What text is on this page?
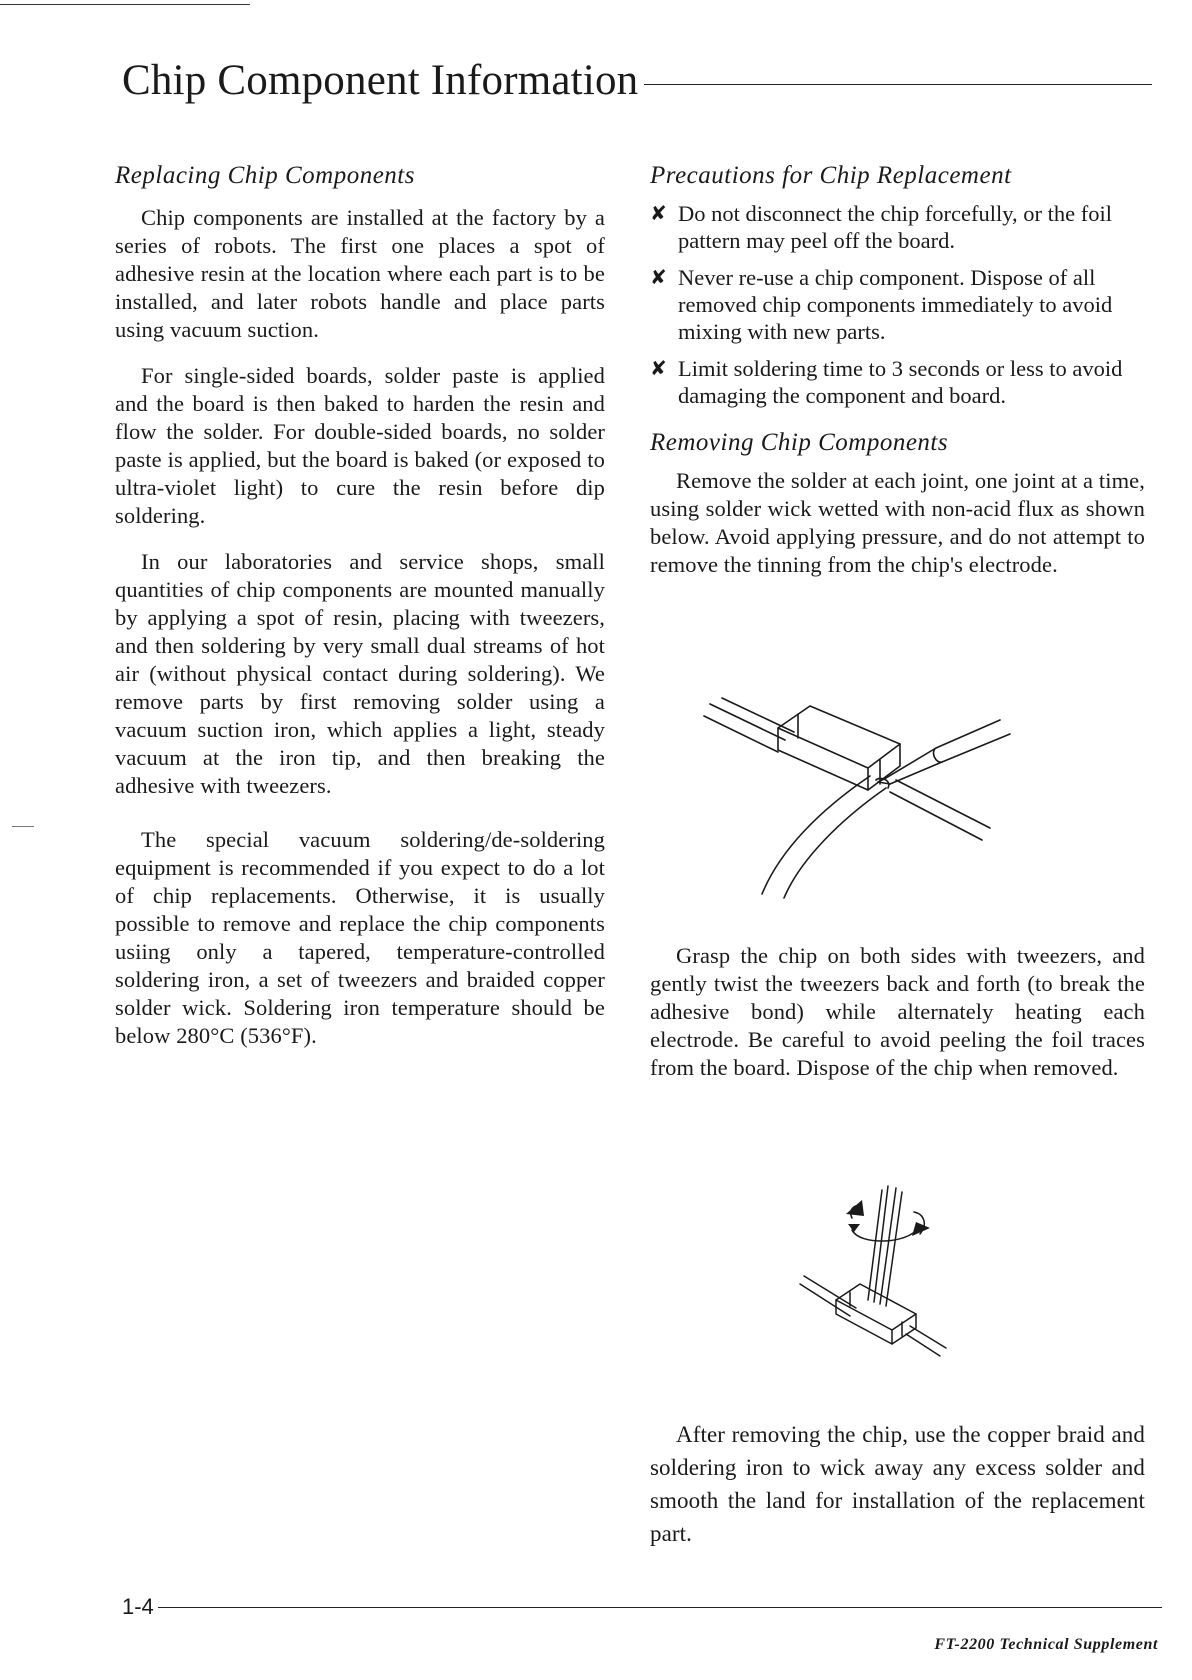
Chip Component Information
Replacing Chip Components

Chip components are installed at the factory by a series of robots. The first one places a spot of adhesive resin at the location where each part is to be installed, and later robots handle and place parts using vacuum suction.

For single-sided boards, solder paste is applied and the board is then baked to harden the resin and flow the solder. For double-sided boards, no solder paste is applied, but the board is baked (or exposed to ultra-violet light) to cure the resin before dip soldering.

In our laboratories and service shops, small quantities of chip components are mounted manually by applying a spot of resin, placing with tweezers, and then soldering by very small dual streams of hot air (without physical contact during soldering). We remove parts by first removing solder using a vacuum suction iron, which applies a light, steady vacuum at the iron tip, and then breaking the adhesive with tweezers.

The special vacuum soldering/de-soldering equipment is recommended if you expect to do a lot of chip replacements. Otherwise, it is usually possible to remove and replace the chip components usiing only a tapered, temperature-controlled soldering iron, a set of tweezers and braided copper solder wick. Soldering iron temperature should be below 280°C (536°F).

Precautions for Chip Replacement
✘ Do not disconnect the chip forcefully, or the foil pattern may peel off the board.
✘ Never re-use a chip component. Dispose of all removed chip components immediately to avoid mixing with new parts.
✘ Limit soldering time to 3 seconds or less to avoid damaging the component and board.
Removing Chip Components

Remove the solder at each joint, one joint at a time, using solder wick wetted with non-acid flux as shown below. Avoid applying pressure, and do not attempt to remove the tinning from the chip's electrode.

Grasp the chip on both sides with tweezers, and gently twist the tweezers back and forth (to break the adhesive bond) while alternately heating each electrode. Be careful to avoid peeling the foil traces from the board. Dispose of the chip when removed.

After removing the chip, use the copper braid and soldering iron to wick away any excess solder and smooth the land for installation of the replacement part.

1-4
FT-2200 Technical Supplement
